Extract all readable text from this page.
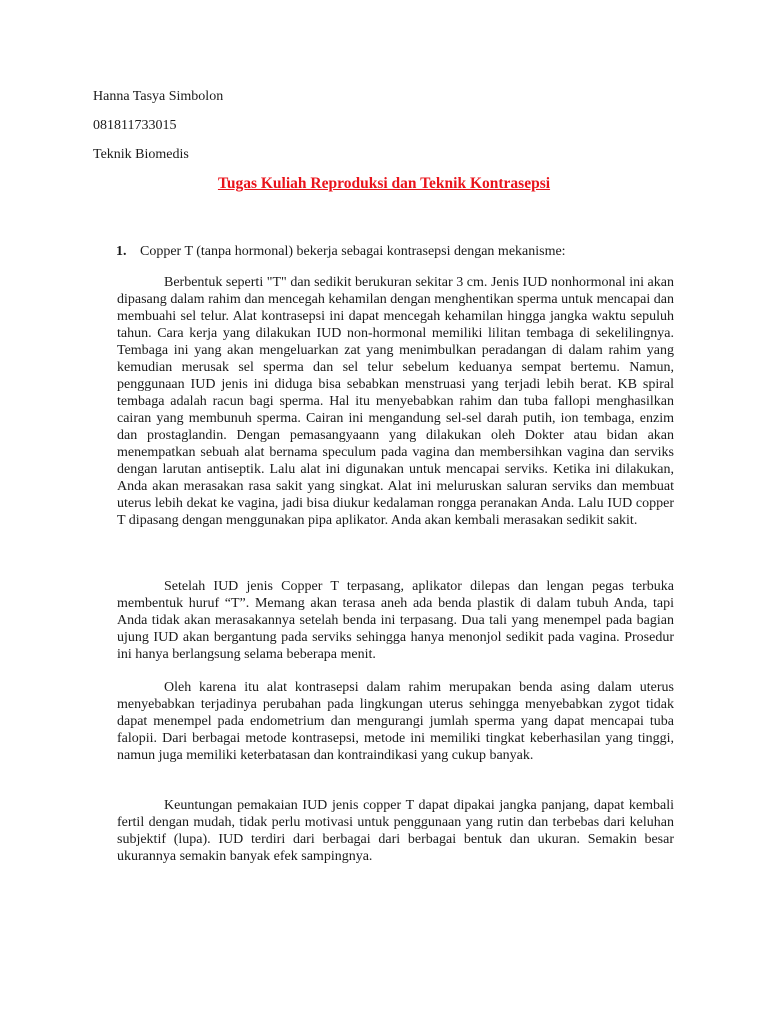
Hanna Tasya Simbolon
081811733015
Teknik Biomedis
Tugas Kuliah Reproduksi dan Teknik Kontrasepsi
1. Copper T (tanpa hormonal) bekerja sebagai kontrasepsi dengan mekanisme:

Berbentuk seperti "T" dan sedikit berukuran sekitar 3 cm. Jenis IUD nonhormonal ini akan dipasang dalam rahim dan mencegah kehamilan dengan menghentikan sperma untuk mencapai dan membuahi sel telur. Alat kontrasepsi ini dapat mencegah kehamilan hingga jangka waktu sepuluh tahun. Cara kerja yang dilakukan IUD non-hormonal memiliki lilitan tembaga di sekelilingnya. Tembaga ini yang akan mengeluarkan zat yang menimbulkan peradangan di dalam rahim yang kemudian merusak sel sperma dan sel telur sebelum keduanya sempat bertemu. Namun, penggunaan IUD jenis ini diduga bisa sebabkan menstruasi yang terjadi lebih berat. KB spiral tembaga adalah racun bagi sperma. Hal itu menyebabkan rahim dan tuba fallopi menghasilkan cairan yang membunuh sperma. Cairan ini mengandung sel-sel darah putih, ion tembaga, enzim dan prostaglandin. Dengan pemasangyaann yang dilakukan oleh Dokter atau bidan akan menempatkan sebuah alat bernama speculum pada vagina dan membersihkan vagina dan serviks dengan larutan antiseptik. Lalu alat ini digunakan untuk mencapai serviks. Ketika ini dilakukan, Anda akan merasakan rasa sakit yang singkat. Alat ini meluruskan saluran serviks dan membuat uterus lebih dekat ke vagina, jadi bisa diukur kedalaman rongga peranakan Anda. Lalu IUD copper T dipasang dengan menggunakan pipa aplikator. Anda akan kembali merasakan sedikit sakit.

Setelah IUD jenis Copper T terpasang, aplikator dilepas dan lengan pegas terbuka membentuk huruf “T”. Memang akan terasa aneh ada benda plastik di dalam tubuh Anda, tapi Anda tidak akan merasakannya setelah benda ini terpasang. Dua tali yang menempel pada bagian ujung IUD akan bergantung pada serviks sehingga hanya menonjol sedikit pada vagina. Prosedur ini hanya berlangsung selama beberapa menit.

Oleh karena itu alat kontrasepsi dalam rahim merupakan benda asing dalam uterus menyebabkan terjadinya perubahan pada lingkungan uterus sehingga menyebabkan zygot tidak dapat menempel pada endometrium dan mengurangi jumlah sperma yang dapat mencapai tuba falopii. Dari berbagai metode kontrasepsi, metode ini memiliki tingkat keberhasilan yang tinggi, namun juga memiliki keterbatasan dan kontraindikasi yang cukup banyak.

Keuntungan pemakaian IUD jenis copper T dapat dipakai jangka panjang, dapat kembali fertil dengan mudah, tidak perlu motivasi untuk penggunaan yang rutin dan terbebas dari keluhan subjektif (lupa). IUD terdiri dari berbagai dari berbagai bentuk dan ukuran. Semakin besar ukurannya semakin banyak efek sampingnya.
